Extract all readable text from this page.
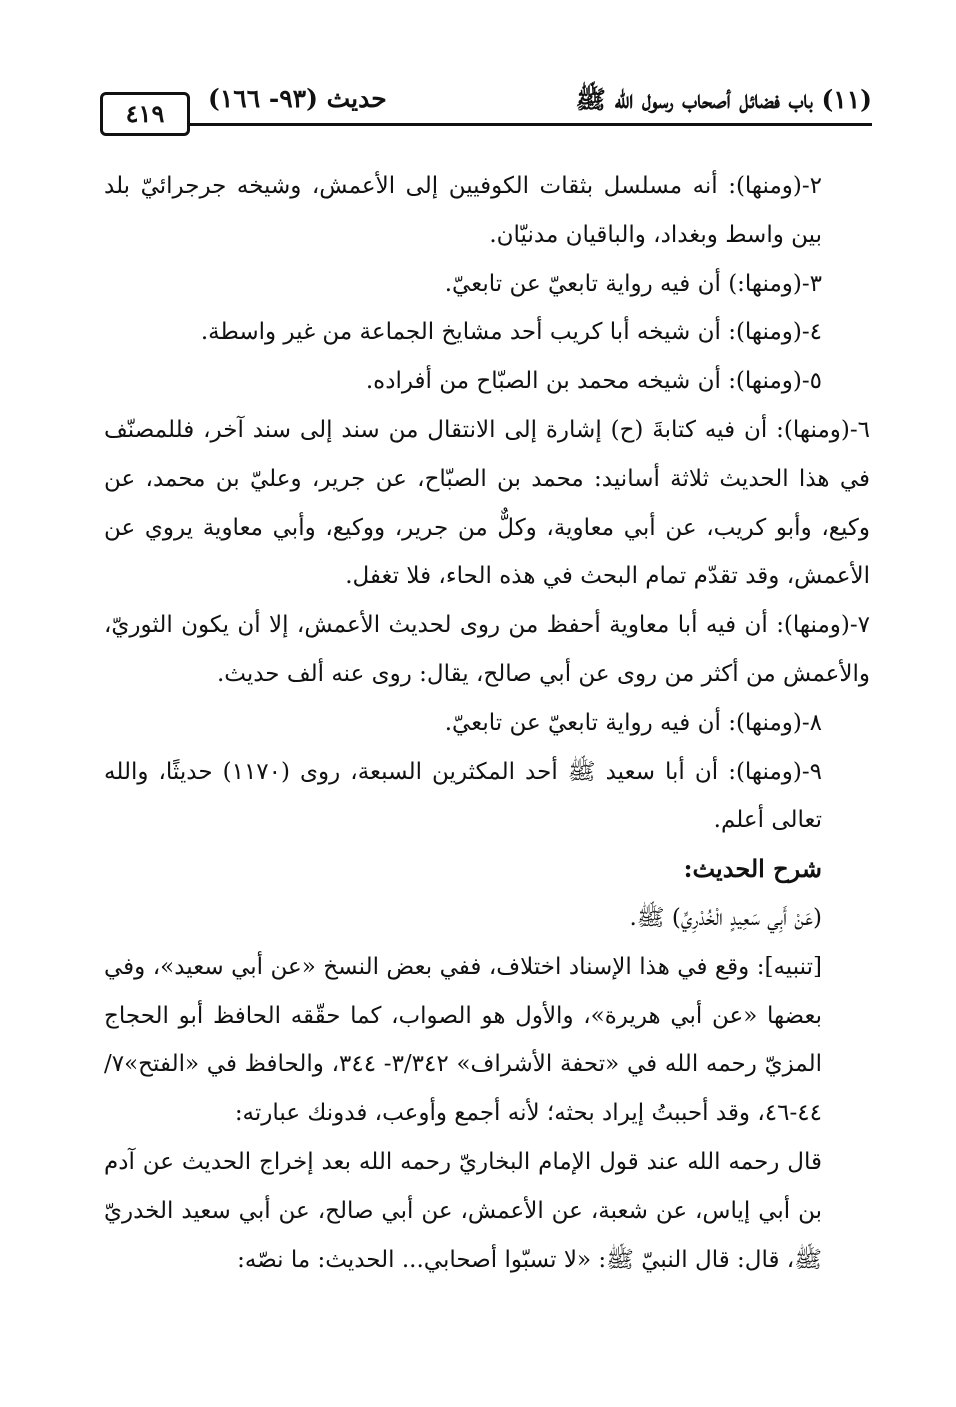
(١١) باب فضائل أصحاب رسول الله ﷺ
حديث (٩٣- ١٦٦)
٤١٩

٢-(ومنها): أنه مسلسل بثقات الكوفيين إلى الأعمش، وشيخه جرجرائيّ بلد بين واسط وبغداد، والباقيان مدنيّان.

٣-(ومنها:) أن فيه رواية تابعيّ عن تابعيّ.

٤-(ومنها): أن شيخه أبا كريب أحد مشايخ الجماعة من غير واسطة.

٥-(ومنها): أن شيخه محمد بن الصبّاح من أفراده.

٦-(ومنها): أن فيه كتابةَ (ح) إشارة إلى الانتقال من سند إلى سند آخر، فللمصنّف في هذا الحديث ثلاثة أسانيد: محمد بن الصبّاح، عن جرير، وعليّ بن محمد، عن وكيع، وأبو كريب، عن أبي معاوية، وكلٌّ من جرير، ووكيع، وأبي معاوية يروي عن الأعمش، وقد تقدّم تمام البحث في هذه الحاء، فلا تغفل.

٧-(ومنها): أن فيه أبا معاوية أحفظ من روى لحديث الأعمش، إلا أن يكون الثوريّ، والأعمش من أكثر من روى عن أبي صالح، يقال: روى عنه ألف حديث.

٨-(ومنها): أن فيه رواية تابعيّ عن تابعيّ.

٩-(ومنها): أن أبا سعيد ﷺ أحد المكثرين السبعة، روى (١١٧٠) حديثًا، والله تعالى أعلم.

شرح الحديث:

(عَنْ أَبِي سَعِيدٍ الْخُدْرِيِّ) ﷺ.

[تنبيه]: وقع في هذا الإسناد اختلاف، ففي بعض النسخ «عن أبي سعيد»، وفي بعضها «عن أبي هريرة»، والأول هو الصواب، كما حقّقه الحافظ أبو الحجاج المزيّ رحمه الله في «تحفة الأشراف» ٣/٣٤٢- ٣٤٤، والحافظ في «الفتح»٧/ ٤٤-٤٦، وقد أحببتُ إيراد بحثه؛ لأنه أجمع وأوعب، فدونك عبارته:

قال رحمه الله عند قول الإمام البخاريّ رحمه الله بعد إخراج الحديث عن آدم بن أبي إياس، عن شعبة، عن الأعمش، عن أبي صالح، عن أبي سعيد الخدريّ ﷺ، قال: قال النبيّ ﷺ: «لا تسبّوا أصحابي... الحديث: ما نصّه:
